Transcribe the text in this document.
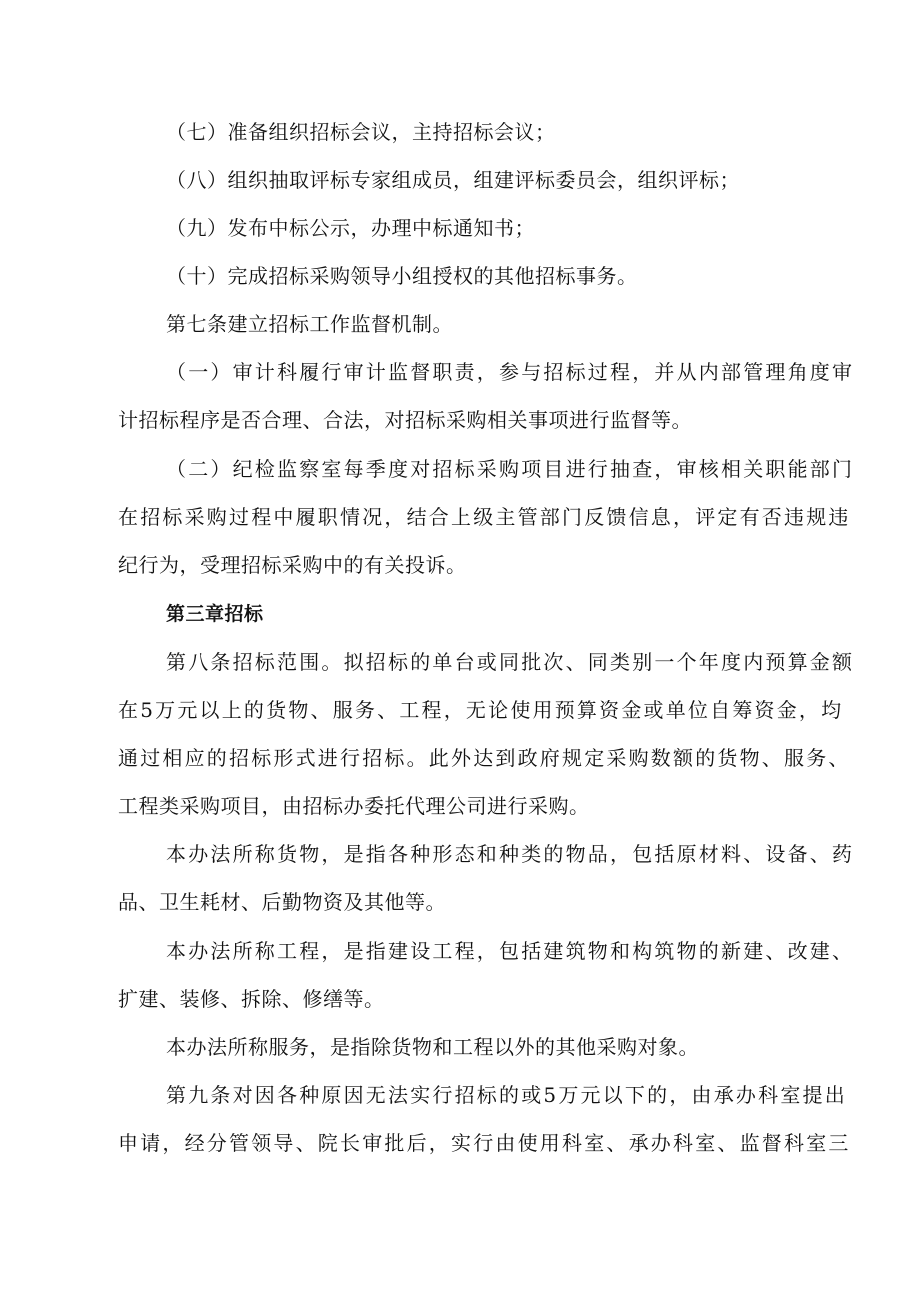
（七）准备组织招标会议，主持招标会议；
（八）组织抽取评标专家组成员，组建评标委员会，组织评标；
（九）发布中标公示，办理中标通知书；
（十）完成招标采购领导小组授权的其他招标事务。
第七条建立招标工作监督机制。
（一）审计科履行审计监督职责，参与招标过程，并从内部管理角度审
计招标程序是否合理、合法，对招标采购相关事项进行监督等。
（二）纪检监察室每季度对招标采购项目进行抽查，审核相关职能部门
在招标采购过程中履职情况，结合上级主管部门反馈信息，评定有否违规违
纪行为，受理招标采购中的有关投诉。
第三章招标
第八条招标范围。拟招标的单台或同批次、同类别一个年度内预算金额
在5万元以上的货物、服务、工程，无论使用预算资金或单位自筹资金，均
通过相应的招标形式进行招标。此外达到政府规定采购数额的货物、服务、
工程类采购项目，由招标办委托代理公司进行采购。
本办法所称货物，是指各种形态和种类的物品，包括原材料、设备、药
品、卫生耗材、后勤物资及其他等。
本办法所称工程，是指建设工程，包括建筑物和构筑物的新建、改建、
扩建、装修、拆除、修缮等。
本办法所称服务，是指除货物和工程以外的其他采购对象。
第九条对因各种原因无法实行招标的或5万元以下的，由承办科室提出
申请，经分管领导、院长审批后，实行由使用科室、承办科室、监督科室三
